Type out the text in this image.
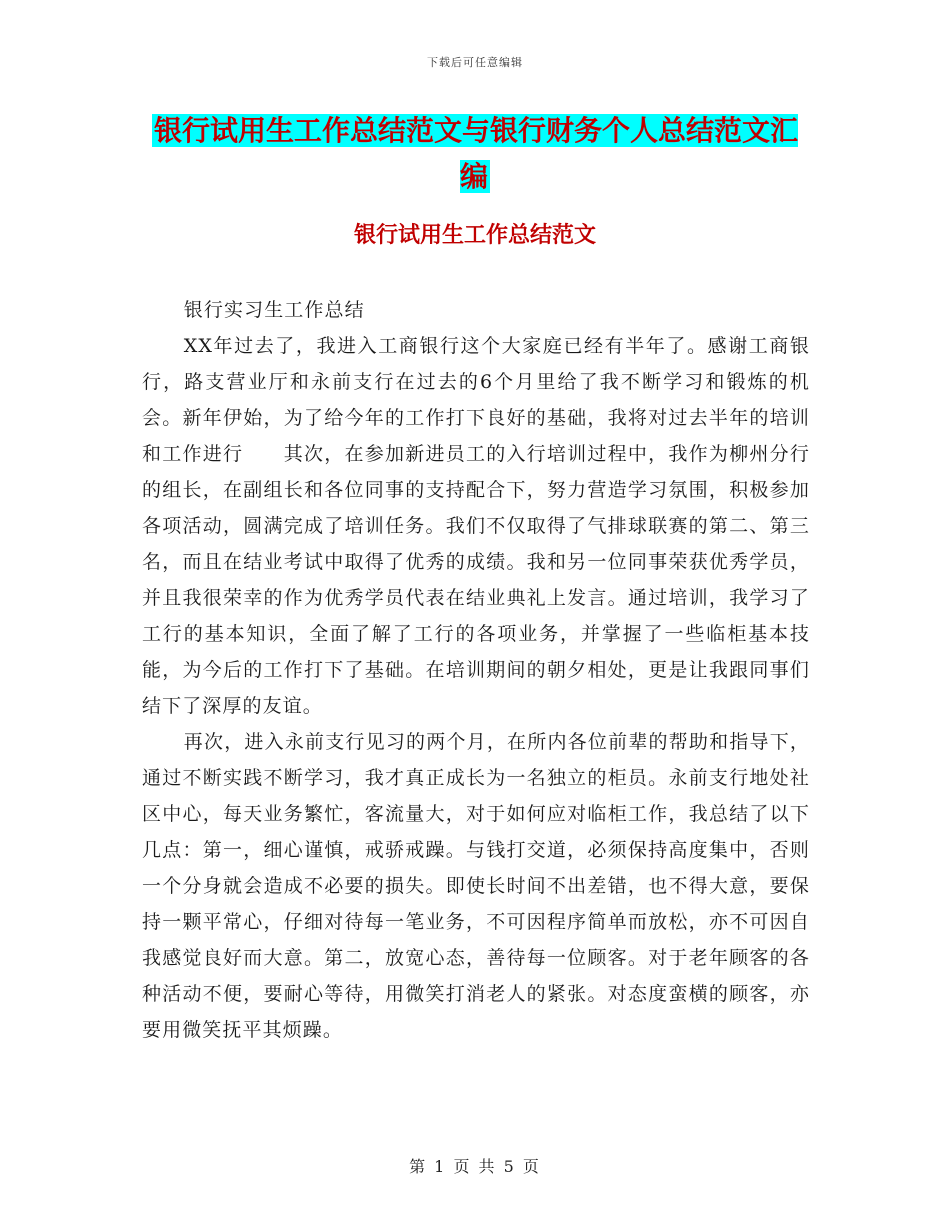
下载后可任意编辑
银行试用生工作总结范文与银行财务个人总结范文汇编
银行试用生工作总结范文

银行实习生工作总结

XX年过去了，我进入工商银行这个大家庭已经有半年了。感谢工商银行，路支营业厅和永前支行在过去的6个月里给了我不断学习和锻炼的机会。新年伊始，为了给今年的工作打下良好的基础，我将对过去半年的培训和工作进行　　其次，在参加新进员工的入行培训过程中，我作为柳州分行的组长，在副组长和各位同事的支持配合下，努力营造学习氛围，积极参加各项活动，圆满完成了培训任务。我们不仅取得了气排球联赛的第二、第三名，而且在结业考试中取得了优秀的成绩。我和另一位同事荣获优秀学员，并且我很荣幸的作为优秀学员代表在结业典礼上发言。通过培训，我学习了工行的基本知识，全面了解了工行的各项业务，并掌握了一些临柜基本技能，为今后的工作打下了基础。在培训期间的朝夕相处，更是让我跟同事们结下了深厚的友谊。

再次，进入永前支行见习的两个月，在所内各位前辈的帮助和指导下，通过不断实践不断学习，我才真正成长为一名独立的柜员。永前支行地处社区中心，每天业务繁忙，客流量大，对于如何应对临柜工作，我总结了以下几点：第一，细心谨慎，戒骄戒躁。与钱打交道，必须保持高度集中，否则一个分身就会造成不必要的损失。即使长时间不出差错，也不得大意，要保持一颗平常心，仔细对待每一笔业务，不可因程序简单而放松，亦不可因自我感觉良好而大意。第二，放宽心态，善待每一位顾客。对于老年顾客的各种活动不便，要耐心等待，用微笑打消老人的紧张。对态度蛮横的顾客，亦要用微笑抚平其烦躁。

第 1 页 共 5 页
